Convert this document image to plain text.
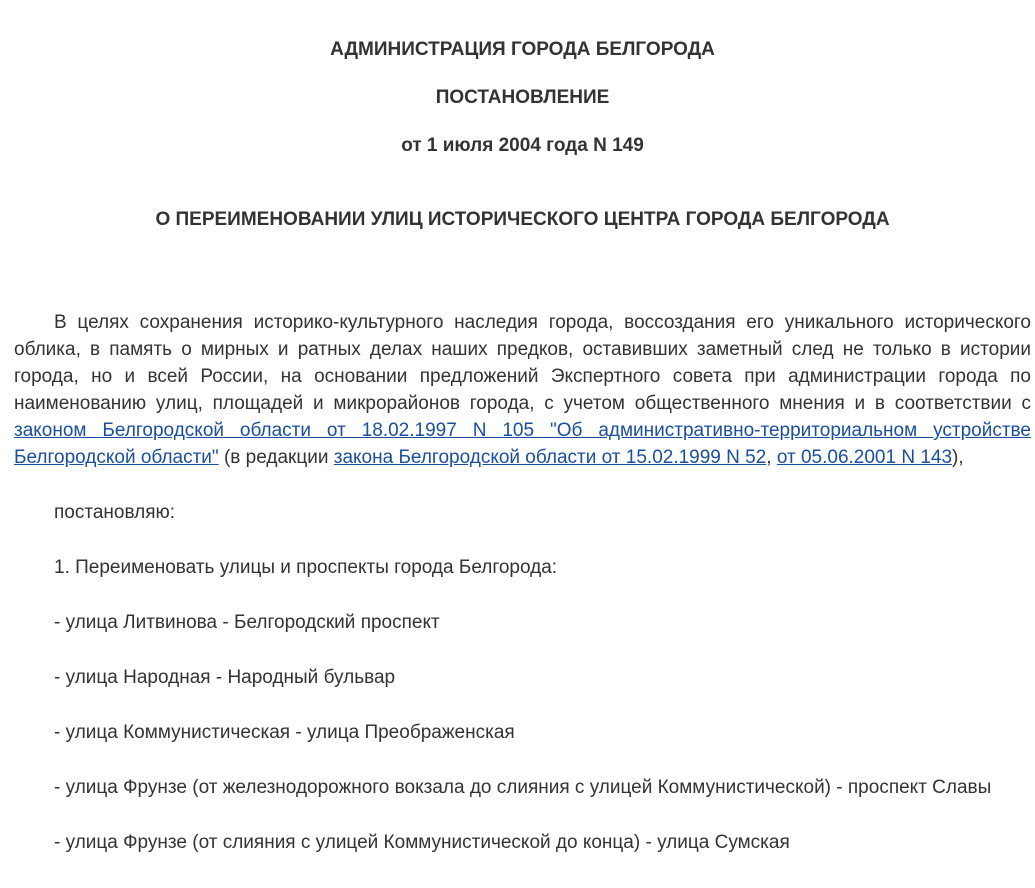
АДМИНИСТРАЦИЯ ГОРОДА БЕЛГОРОДА

ПОСТАНОВЛЕНИЕ

от 1 июля 2004 года N 149

О ПЕРЕИМЕНОВАНИИ УЛИЦ ИСТОРИЧЕСКОГО ЦЕНТРА ГОРОДА БЕЛГОРОДА

В целях сохранения историко-культурного наследия города, воссоздания его уникального исторического облика, в память о мирных и ратных делах наших предков, оставивших заметный след не только в истории города, но и всей России, на основании предложений Экспертного совета при администрации города по наименованию улиц, площадей и микрорайонов города, с учетом общественного мнения и в соответствии с законом Белгородской области от 18.02.1997 N 105 "Об административно-территориальном устройстве Белгородской области" (в редакции закона Белгородской области от 15.02.1999 N 52, от 05.06.2001 N 143),

постановляю:

1. Переименовать улицы и проспекты города Белгорода:

- улица Литвинова - Белгородский проспект

- улица Народная - Народный бульвар

- улица Коммунистическая - улица Преображенская

- улица Фрунзе (от железнодорожного вокзала до слияния с улицей Коммунистической) - проспект Славы

- улица Фрунзе (от слияния с улицей Коммунистической до конца) - улица Сумская
